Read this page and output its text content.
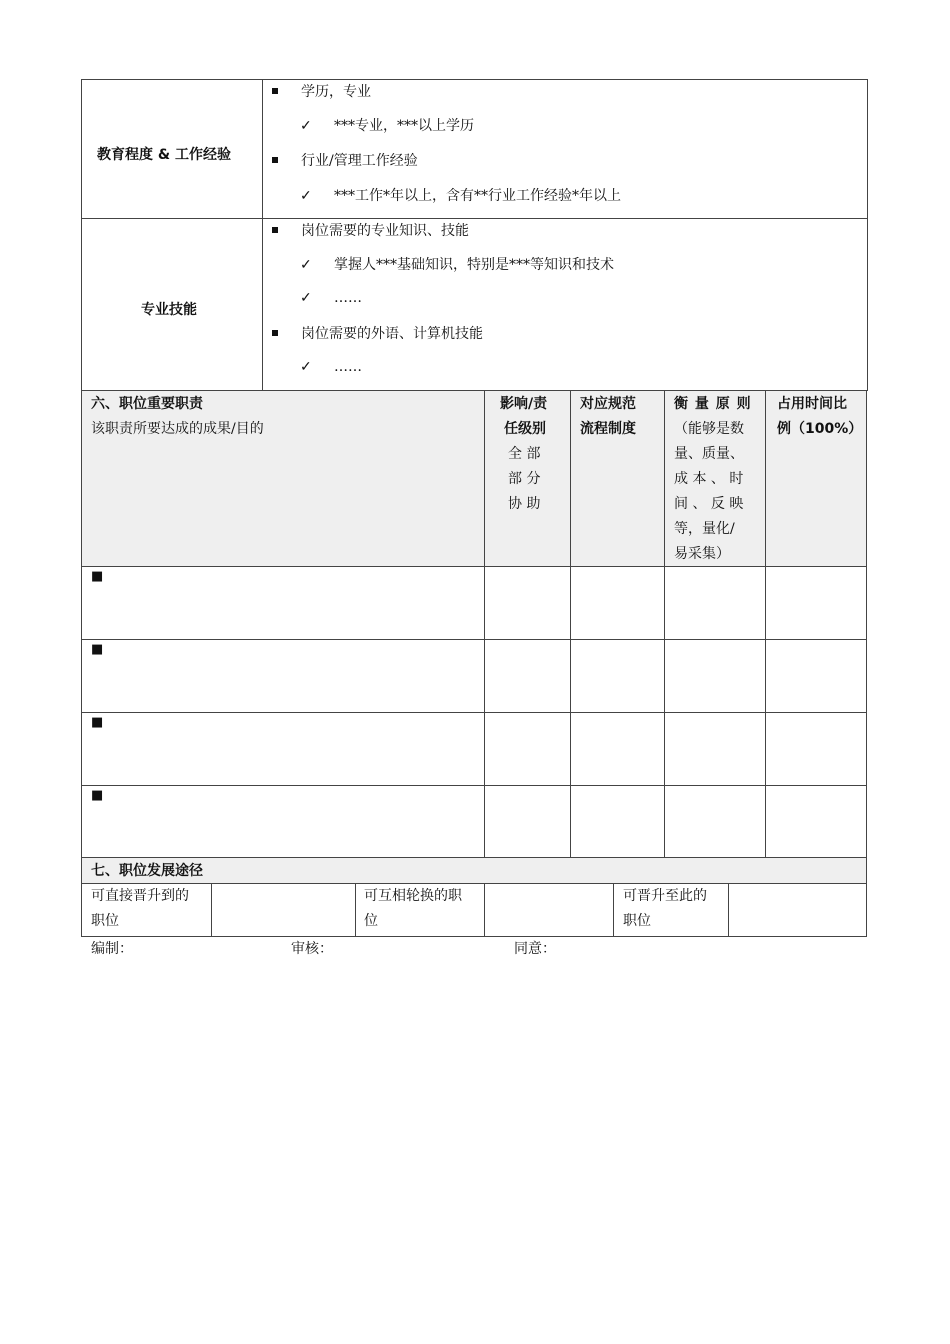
教育程度 & 工作经验
学历，专业
✓ ***专业，***以上学历
行业/管理工作经验
✓ ***工作*年以上，含有**行业工作经验*年以上
专业技能
岗位需要的专业知识、技能
✓ 掌握人***基础知识，特别是***等知识和技术
✓ ……
岗位需要的外语、计算机技能
✓ ……
六、职位重要职责
该职责所要达成的成果/目的
影响/责
任级别
全 部
部 分
协 助
对应规范
流程制度
衡 量 原 则
（能够是数
量、质量、
成 本 、 时
间 、 反 映
等，量化/
易采集）
占用时间比
例（100%）
■
■
■
■
七、职位发展途径
可直接晋升到的
职位
可互相轮换的职
位
可晋升至此的
职位
编制：	审核：	同意：
